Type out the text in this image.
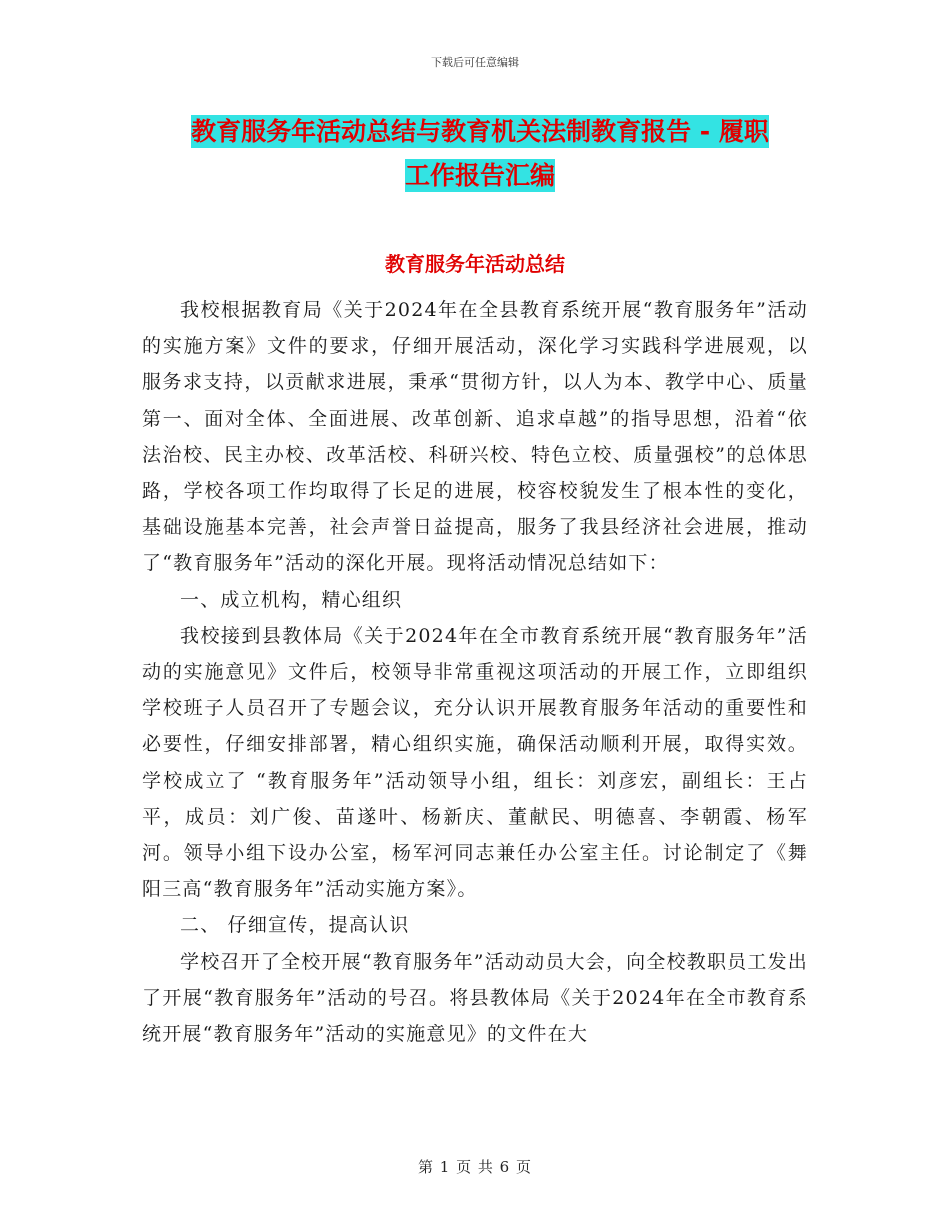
下载后可任意编辑
教育服务年活动总结与教育机关法制教育报告 - 履职
工作报告汇编
教育服务年活动总结

我校根据教育局《关于2024年在全县教育系统开展“教育服务年”活动的实施方案》文件的要求，仔细开展活动，深化学习实践科学进展观，以服务求支持，以贡献求进展，秉承“贯彻方针，以人为本、教学中心、质量第一、面对全体、全面进展、改革创新、追求卓越”的指导思想，沿着“依法治校、民主办校、改革活校、科研兴校、特色立校、质量强校”的总体思路，学校各项工作均取得了长足的进展，校容校貌发生了根本性的变化，基础设施基本完善，社会声誉日益提高，服务了我县经济社会进展，推动了“教育服务年”活动的深化开展。现将活动情况总结如下：

一、成立机构，精心组织

我校接到县教体局《关于2024年在全市教育系统开展“教育服务年”活动的实施意见》文件后，校领导非常重视这项活动的开展工作，立即组织学校班子人员召开了专题会议，充分认识开展教育服务年活动的重要性和必要性，仔细安排部署，精心组织实施，确保活动顺利开展，取得实效。学校成立了 “教育服务年”活动领导小组，组长：刘彦宏，副组长：王占平，成员：刘广俊、苗遂叶、杨新庆、董献民、明德喜、李朝霞、杨军河。领导小组下设办公室，杨军河同志兼任办公室主任。讨论制定了《舞阳三高“教育服务年”活动实施方案》。

二、 仔细宣传，提高认识

学校召开了全校开展“教育服务年”活动动员大会，向全校教职员工发出了开展“教育服务年”活动的号召。将县教体局《关于2024年在全市教育系统开展“教育服务年”活动的实施意见》的文件在大

第 1 页 共 6 页
